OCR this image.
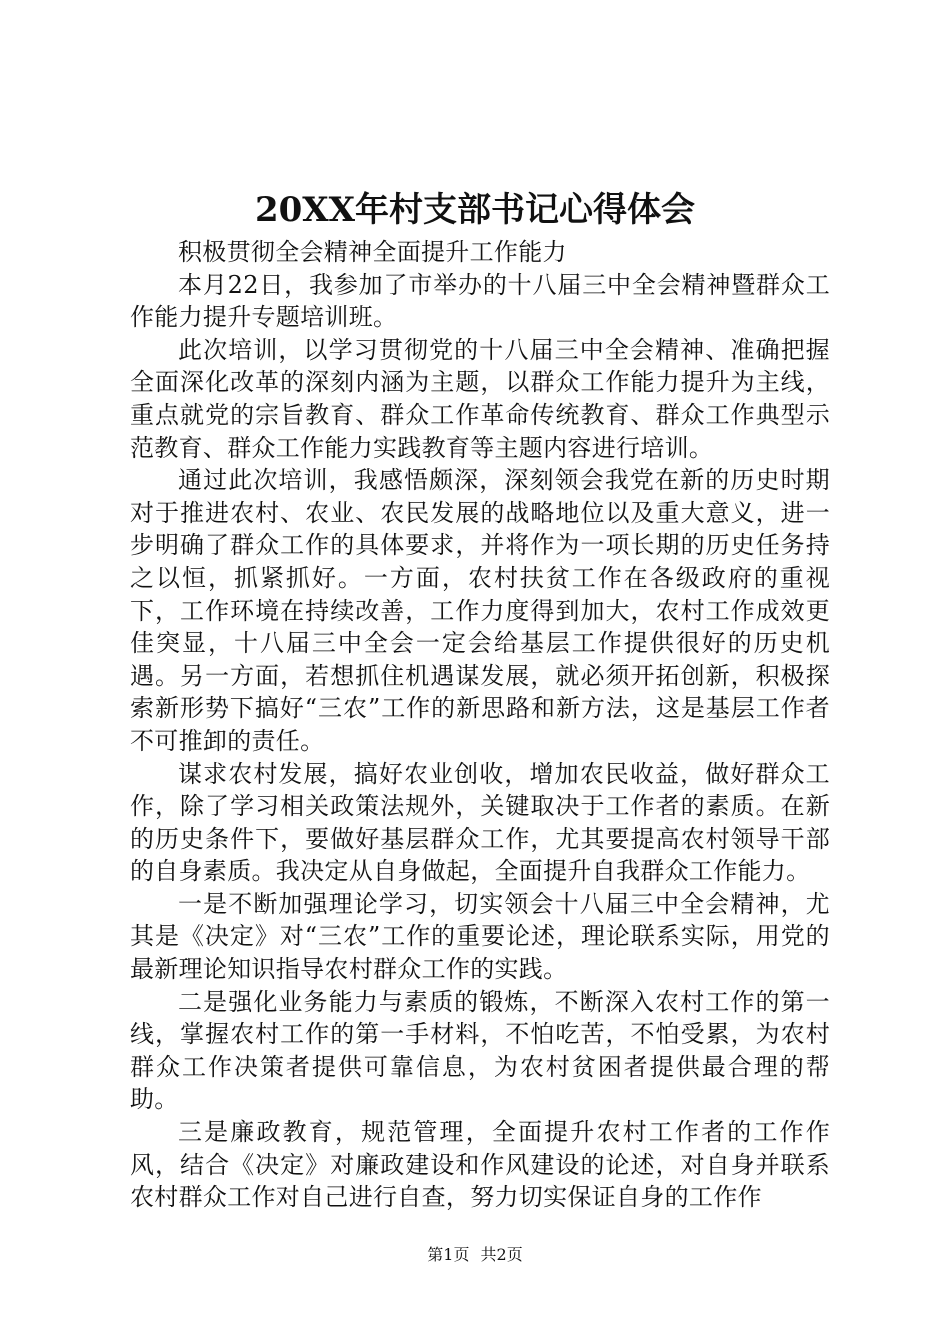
20XX年村支部书记心得体会

积极贯彻全会精神全面提升工作能力

本月22日，我参加了市举办的十八届三中全会精神暨群众工作能力提升专题培训班。

此次培训，以学习贯彻党的十八届三中全会精神、准确把握全面深化改革的深刻内涵为主题，以群众工作能力提升为主线，重点就党的宗旨教育、群众工作革命传统教育、群众工作典型示范教育、群众工作能力实践教育等主题内容进行培训。

通过此次培训，我感悟颇深，深刻领会我党在新的历史时期对于推进农村、农业、农民发展的战略地位以及重大意义，进一步明确了群众工作的具体要求，并将作为一项长期的历史任务持之以恒，抓紧抓好。一方面，农村扶贫工作在各级政府的重视下，工作环境在持续改善，工作力度得到加大，农村工作成效更佳突显，十八届三中全会一定会给基层工作提供很好的历史机遇。另一方面，若想抓住机遇谋发展，就必须开拓创新，积极探索新形势下搞好“三农”工作的新思路和新方法，这是基层工作者不可推卸的责任。

谋求农村发展，搞好农业创收，增加农民收益，做好群众工作，除了学习相关政策法规外，关键取决于工作者的素质。在新的历史条件下，要做好基层群众工作，尤其要提高农村领导干部的自身素质。我决定从自身做起，全面提升自我群众工作能力。

一是不断加强理论学习，切实领会十八届三中全会精神，尤其是《决定》对“三农”工作的重要论述，理论联系实际，用党的最新理论知识指导农村群众工作的实践。

二是强化业务能力与素质的锻炼，不断深入农村工作的第一线，掌握农村工作的第一手材料，不怕吃苦，不怕受累，为农村群众工作决策者提供可靠信息，为农村贫困者提供最合理的帮助。

三是廉政教育，规范管理，全面提升农村工作者的工作作风，结合《决定》对廉政建设和作风建设的论述，对自身并联系农村群众工作对自己进行自查，努力切实保证自身的工作作

第1页 共2页
